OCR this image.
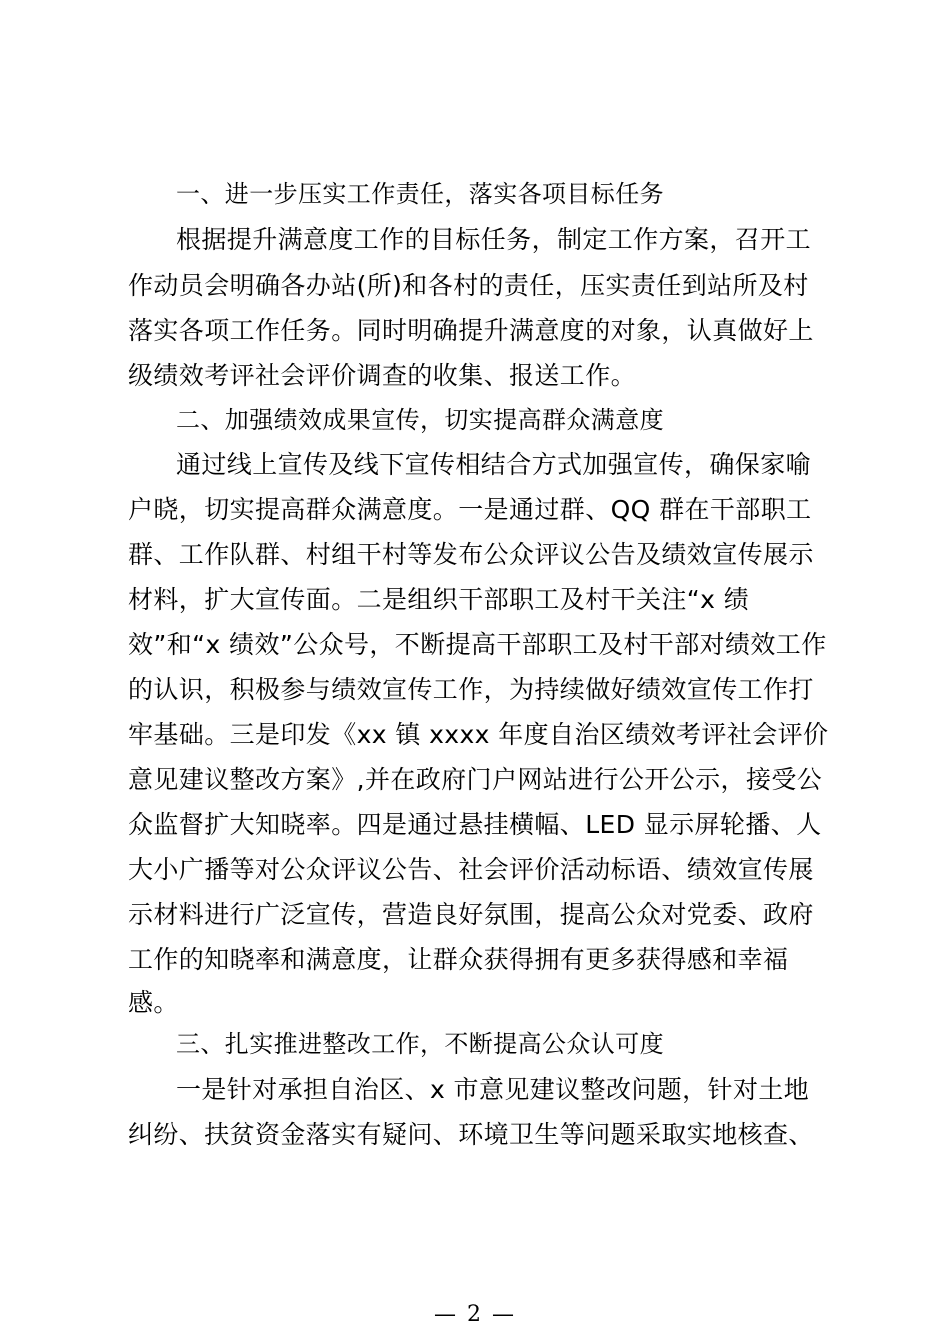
一、进一步压实工作责任，落实各项目标任务
根据提升满意度工作的目标任务，制定工作方案，召开工
作动员会明确各办站(所)和各村的责任，压实责任到站所及村
落实各项工作任务。同时明确提升满意度的对象，认真做好上
级绩效考评社会评价调查的收集、报送工作。
二、加强绩效成果宣传，切实提高群众满意度
通过线上宣传及线下宣传相结合方式加强宣传，确保家喻
户晓，切实提高群众满意度。一是通过群、QQ 群在干部职工
群、工作队群、村组干村等发布公众评议公告及绩效宣传展示
材料，扩大宣传面。二是组织干部职工及村干关注“x 绩
效”和“x 绩效”公众号，不断提高干部职工及村干部对绩效工作
的认识，积极参与绩效宣传工作，为持续做好绩效宣传工作打
牢基础。三是印发《xx 镇 xxxx 年度自治区绩效考评社会评价
意见建议整改方案》,并在政府门户网站进行公开公示，接受公
众监督扩大知晓率。四是通过悬挂横幅、LED 显示屏轮播、人
大小广播等对公众评议公告、社会评价活动标语、绩效宣传展
示材料进行广泛宣传，营造良好氛围，提高公众对党委、政府
工作的知晓率和满意度，让群众获得拥有更多获得感和幸福
感。
三、扎实推进整改工作，不断提高公众认可度
一是针对承担自治区、x 市意见建议整改问题，针对土地
纠纷、扶贫资金落实有疑问、环境卫生等问题采取实地核查、
— 2 —
